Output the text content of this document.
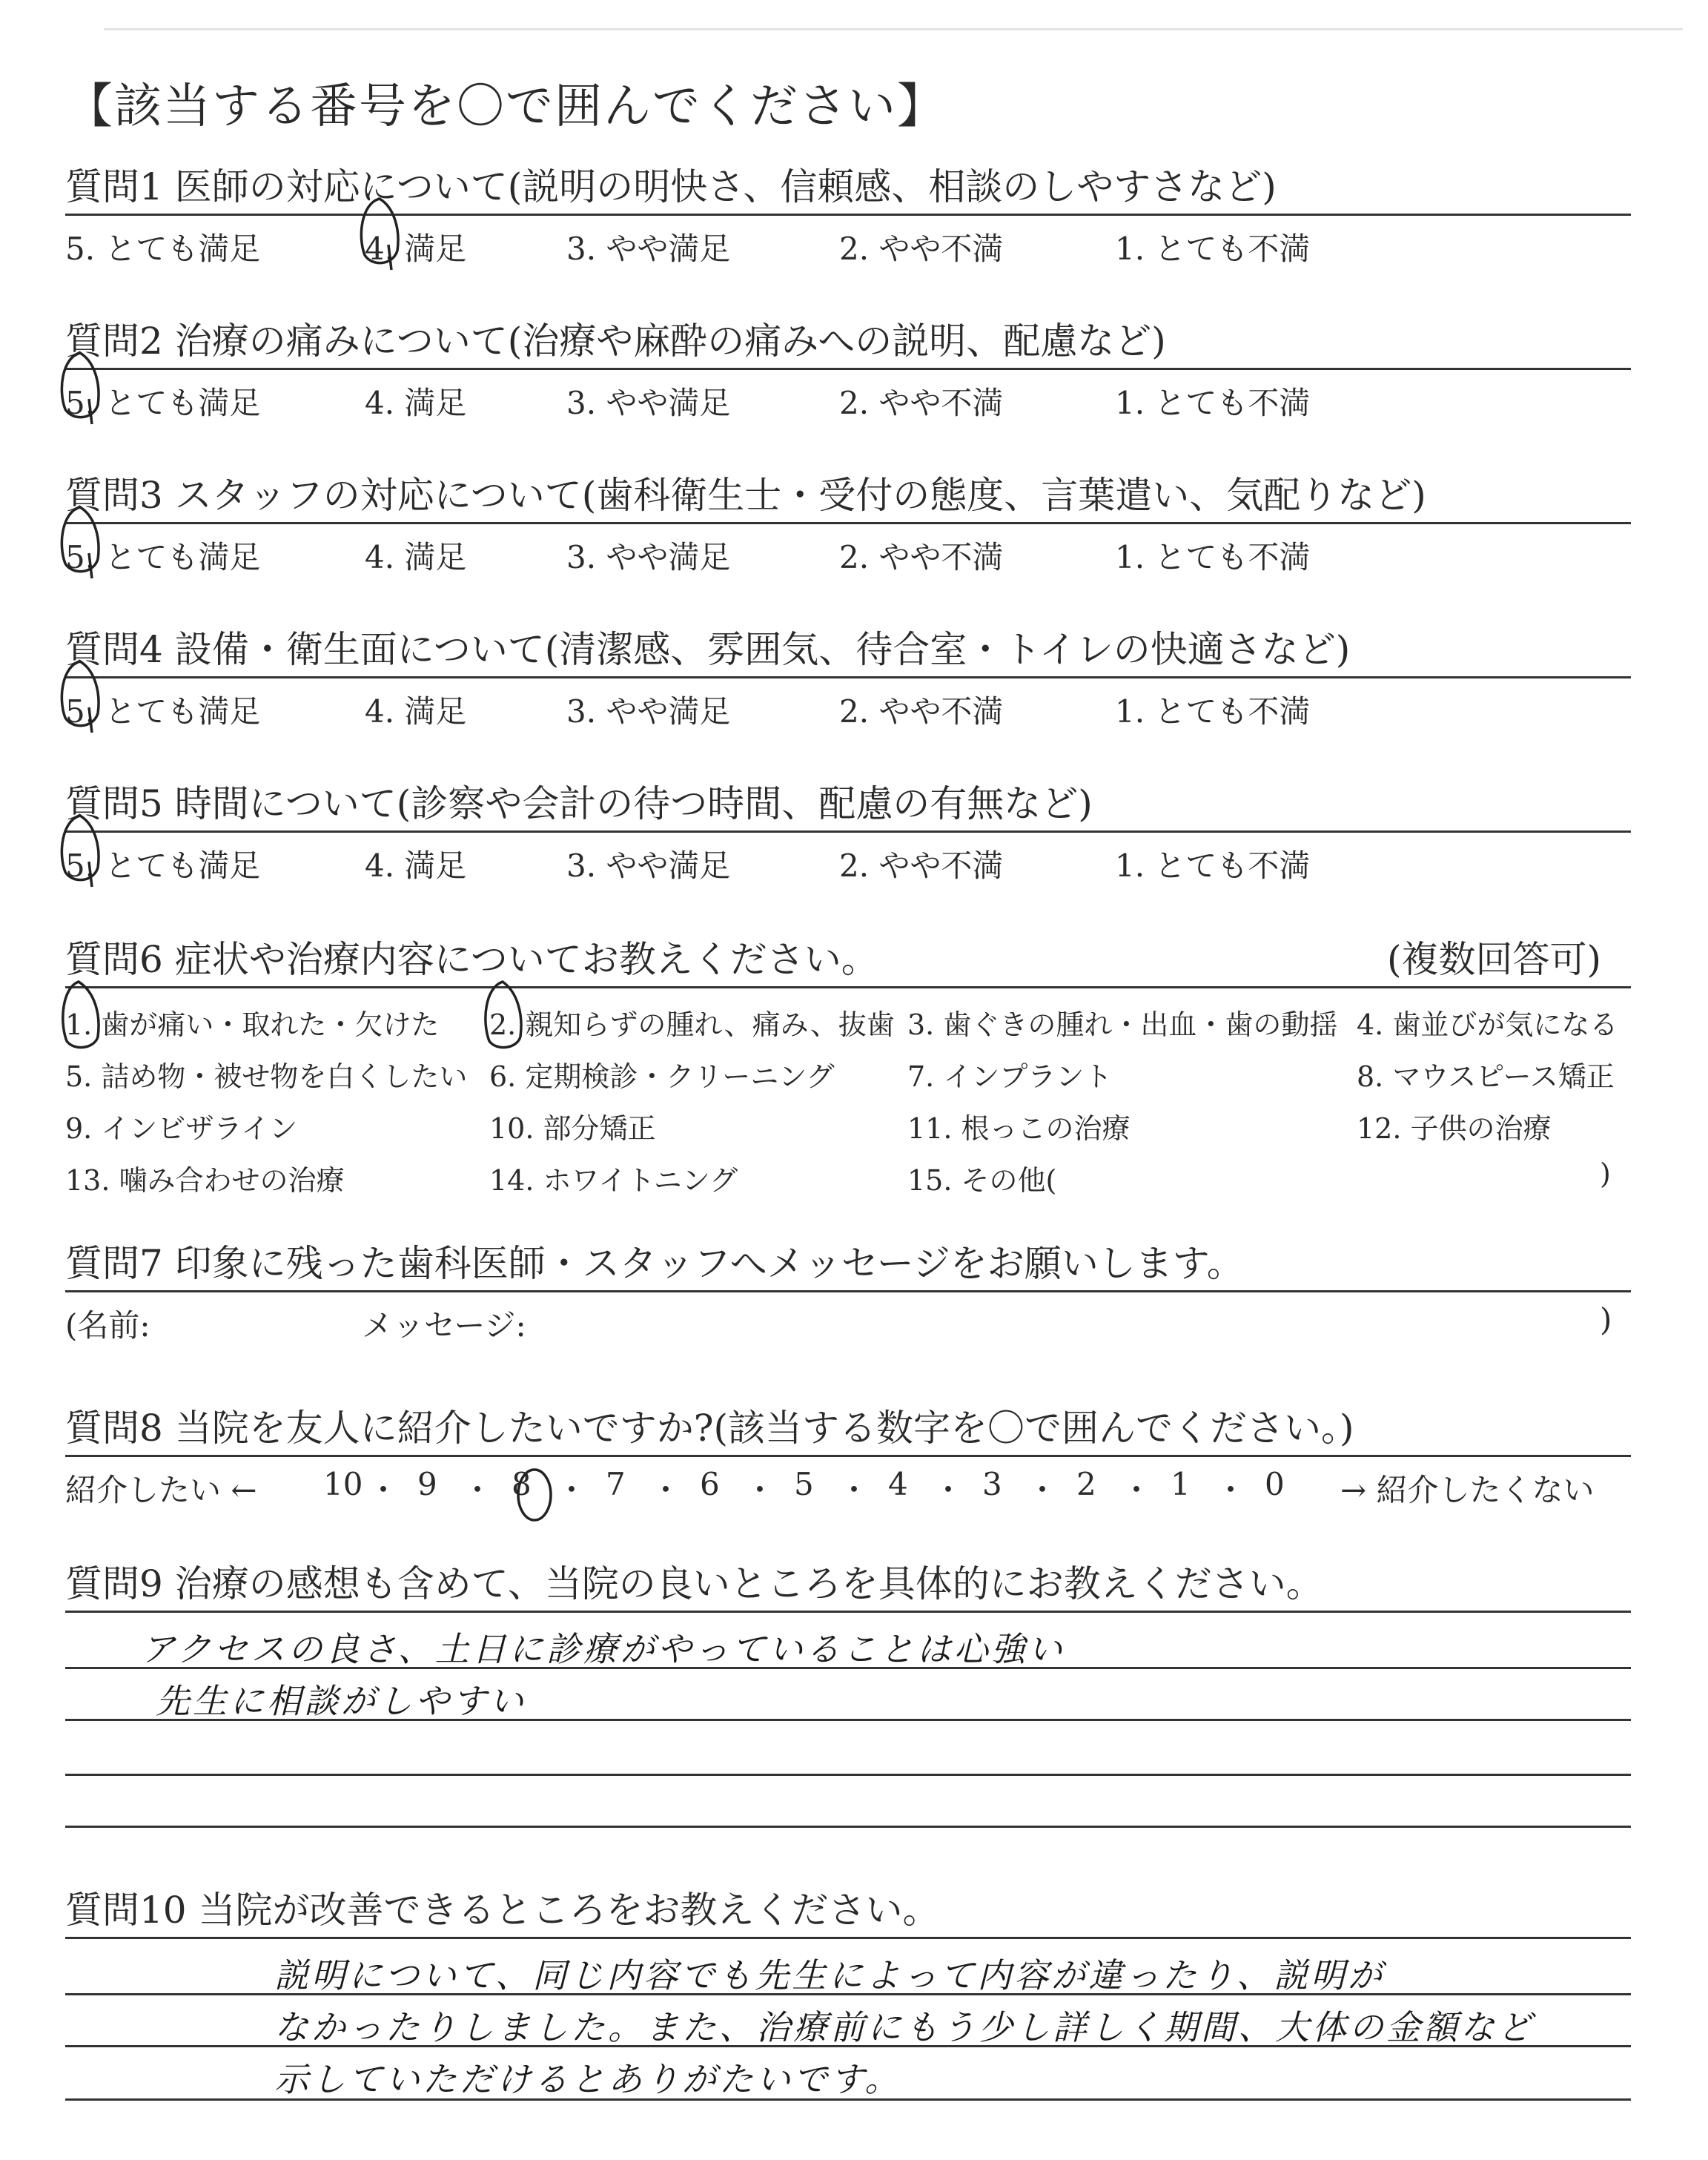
【該当する番号を〇で囲んでください】
質問1 医師の対応について(説明の明快さ、信頼感、相談のしやすさなど)
5. とても満足	4. 満足	3. やや満足	2. やや不満	1. とても不満
質問2 治療の痛みについて(治療や麻酔の痛みへの説明、配慮など)
5. とても満足	4. 満足	3. やや満足	2. やや不満	1. とても不満
質問3 スタッフの対応について(歯科衛生士・受付の態度、言葉遣い、気配りなど)
5. とても満足	4. 満足	3. やや満足	2. やや不満	1. とても不満
質問4 設備・衛生面について(清潔感、雰囲気、待合室・トイレの快適さなど)
5. とても満足	4. 満足	3. やや満足	2. やや不満	1. とても不満
質問5 時間について(診察や会計の待つ時間、配慮の有無など)
5. とても満足	4. 満足	3. やや満足	2. やや不満	1. とても不満
質問6 症状や治療内容についてお教えください。	(複数回答可)
1. 歯が痛い・取れた・欠けた 2. 親知らずの腫れ、痛み、抜歯 3. 歯ぐきの腫れ・出血・歯の動揺 4. 歯並びが気になる
5. 詰め物・被せ物を白くしたい 6. 定期検診・クリーニング	7. インプラント	8. マウスピース矯正
9. インビザライン	10. 部分矯正	11. 根っこの治療	12. 子供の治療
13. 噛み合わせの治療	14. ホワイトニング	15. その他(	)
質問7 印象に残った歯科医師・スタッフへメッセージをお願いします。
(名前:	メッセージ:	)
質問8 当院を友人に紹介したいですか?(該当する数字を〇で囲んでください。)
紹介したい ←	→ 紹介したくない
10 ・ 9 ・ 8 ・ 7 ・ 6 ・ 5 ・ 4 ・ 3 ・ 2 ・ 1 ・ 0
質問9 治療の感想も含めて、当院の良いところを具体的にお教えください。
アクセスの良さ、土日に診療がやっていることは心強い
先生に相談がしやすい
質問10 当院が改善できるところをお教えください。
説明について、同じ内容でも先生によって内容が違ったり、説明が
なかったりしました。また、治療前にもう少し詳しく期間、大体の金額など
示していただけるとありがたいです。
